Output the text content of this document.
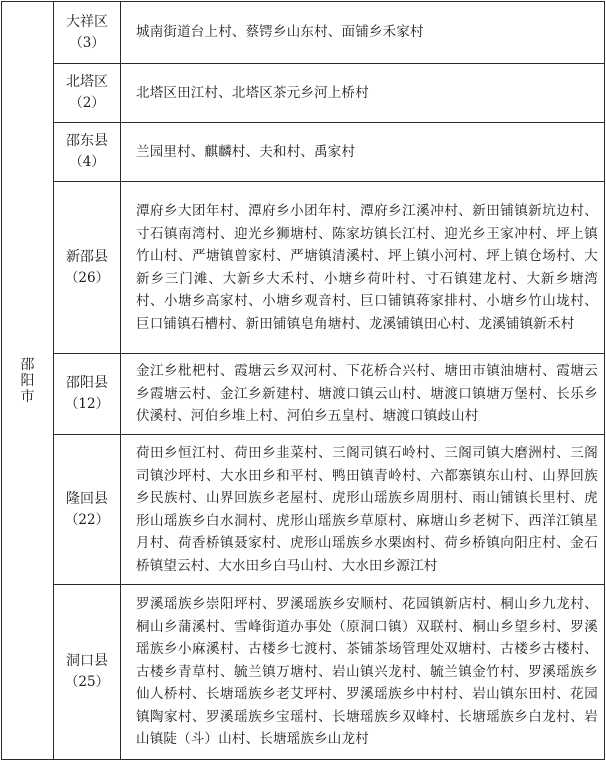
邵阳市	大祥区
（3）	城南街道台上村、蔡锷乡山东村、面铺乡禾家村

	北塔区
（2）	北塔区田江村、北塔区茶元乡河上桥村

	邵东县
（4）	兰园里村、麒麟村、夫和村、禹家村

	新邵县
（26）	潭府乡大团年村、潭府乡小团年村、潭府乡江溪冲村、新田铺镇新坑边村、寸石镇南湾村、迎光乡狮塘村、陈家坊镇长江村、迎光乡王家冲村、坪上镇竹山村、严塘镇曾家村、严塘镇清溪村、坪上镇小河村、坪上镇仓场村、大新乡三门滩、大新乡大禾村、小塘乡荷叶村、寸石镇建龙村、大新乡塘湾村、小塘乡高家村、小塘乡观音村、巨口铺镇蒋家排村、小塘乡竹山垅村、巨口铺镇石槽村、新田铺镇皂角塘村、龙溪铺镇田心村、龙溪铺镇新禾村

	邵阳县
（12）	金江乡枇杷村、霞塘云乡双河村、下花桥合兴村、塘田市镇油塘村、霞塘云乡霞塘云村、金江乡新建村、塘渡口镇云山村、塘渡口镇塘万堡村、长乐乡伏溪村、河伯乡堆上村、河伯乡五皇村、塘渡口镇歧山村

	隆回县
（22）	荷田乡恒江村、荷田乡韭菜村、三阁司镇石岭村、三阁司镇大磨洲村、三阁司镇沙坪村、大水田乡和平村、鸭田镇青岭村、六都寨镇东山村、山界回族乡民族村、山界回族乡老屋村、虎形山瑶族乡周朋村、雨山铺镇长里村、虎形山瑶族乡白水洞村、虎形山瑶族乡草原村、麻塘山乡老树下、西洋江镇星月村、荷香桥镇聂家村、虎形山瑶族乡水栗凼村、荷乡桥镇向阳庄村、金石桥镇望云村、大水田乡白马山村、大水田乡源江村

	洞口县
（25）	罗溪瑶族乡崇阳坪村、罗溪瑶族乡安顺村、花园镇新店村、桐山乡九龙村、桐山乡蒲溪村、雪峰街道办事处（原洞口镇）双联村、桐山乡望乡村、罗溪瑶族乡小麻溪村、古楼乡七渡村、茶铺茶场管理处双塘村、古楼乡古楼村、古楼乡青草村、毓兰镇万塘村、岩山镇兴龙村、毓兰镇金竹村、罗溪瑶族乡仙人桥村、长塘瑶族乡老艾坪村、罗溪瑶族乡中村村、岩山镇东田村、花园镇陶家村、罗溪瑶族乡宝瑶村、长塘瑶族乡双峰村、长塘瑶族乡白龙村、岩山镇陡（斗）山村、长塘瑶族乡山龙村
